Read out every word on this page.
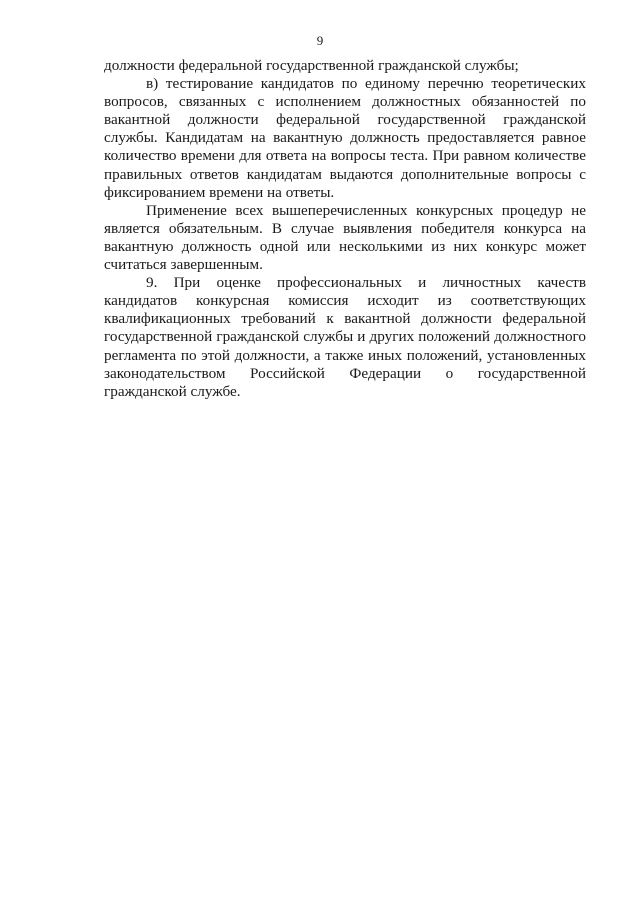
9

должности федеральной государственной гражданской службы;

в) тестирование кандидатов по единому перечню теоретических вопросов, связанных с исполнением должностных обязанностей по вакантной должности федеральной государственной гражданской службы. Кандидатам на вакантную должность предоставляется равное количество времени для ответа на вопросы теста. При равном количестве правильных ответов кандидатам выдаются дополнительные вопросы с фиксированием времени на ответы.

Применение всех вышеперечисленных конкурсных процедур не является обязательным. В случае выявления победителя конкурса на вакантную должность одной или несколькими из них конкурс может считаться завершенным.

9. При оценке профессиональных и личностных качеств кандидатов конкурсная комиссия исходит из соответствующих квалификационных требований к вакантной должности федеральной государственной гражданской службы и других положений должностного регламента по этой должности, а также иных положений, установленных законодательством Российской Федерации о государственной гражданской службе.
